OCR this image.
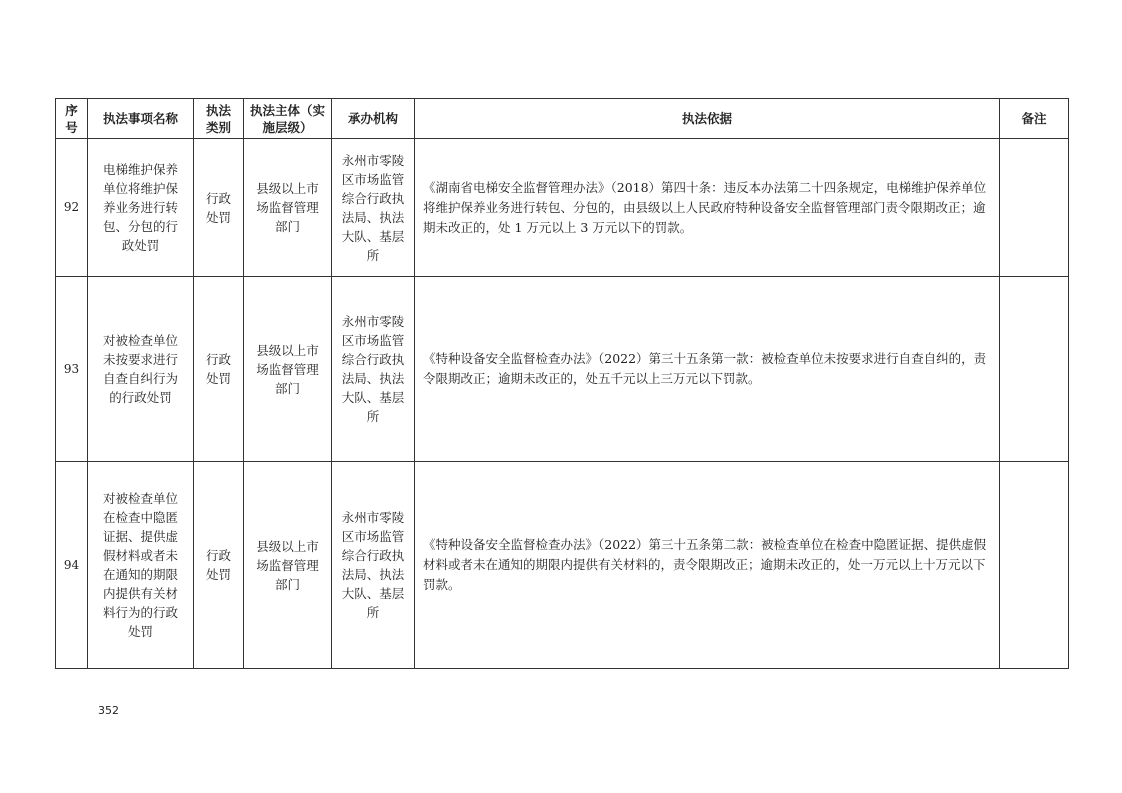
序号	执法事项名称	执法类别	执法主体（实施层级）	承办机构	执法依据	备注
92	电梯维护保养单位将维护保养业务进行转包、分包的行政处罚	行政处罚	县级以上市场监督管理部门	永州市零陵区市场监管综合行政执法局、执法大队、基层所	《湖南省电梯安全监督管理办法》（2018）第四十条：违反本办法第二十四条规定，电梯维护保养单位将维护保养业务进行转包、分包的，由县级以上人民政府特种设备安全监督管理部门责令限期改正；逾期未改正的，处 1 万元以上 3 万元以下的罚款。	
93	对被检查单位未按要求进行自查自纠行为的行政处罚	行政处罚	县级以上市场监督管理部门	永州市零陵区市场监管综合行政执法局、执法大队、基层所	《特种设备安全监督检查办法》（2022）第三十五条第一款：被检查单位未按要求进行自查自纠的，责令限期改正；逾期未改正的，处五千元以上三万元以下罚款。	
94	对被检查单位在检查中隐匿证据、提供虚假材料或者未在通知的期限内提供有关材料行为的行政处罚	行政处罚	县级以上市场监督管理部门	永州市零陵区市场监管综合行政执法局、执法大队、基层所	《特种设备安全监督检查办法》（2022）第三十五条第二款：被检查单位在检查中隐匿证据、提供虚假材料或者未在通知的期限内提供有关材料的，责令限期改正；逾期未改正的，处一万元以上十万元以下罚款。	
352
